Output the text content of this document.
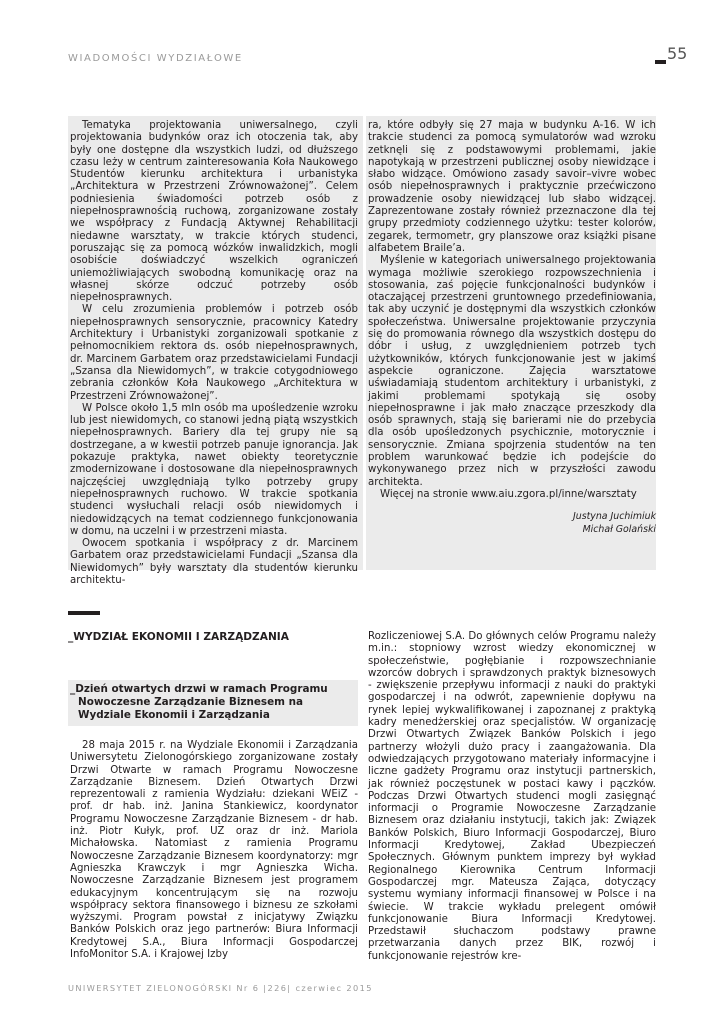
WIADOMOŚCI WYDZIAŁOWE	55

Tematyka projektowania uniwersalnego, czyli projektowania budynków oraz ich otoczenia tak, aby były one dostępne dla wszystkich ludzi, od dłuższego czasu leży w centrum zainteresowania Koła Naukowego Studentów kierunku architektura i urbanistyka „Architektura w Przestrzeni Zrównoważonej”. Celem podniesienia świadomości potrzeb osób z niepełnosprawnością ruchową, zorganizowane zostały we współpracy z Fundacją Aktywnej Rehabilitacji niedawne warsztaty, w trakcie których studenci, poruszając się za pomocą wózków inwalidzkich, mogli osobiście doświadczyć wszelkich ograniczeń uniemożliwiających swobodną komunikację oraz na własnej skórze odczuć potrzeby osób niepełnosprawnych.

W celu zrozumienia problemów i potrzeb osób niepełnosprawnych sensorycznie, pracownicy Katedry Architektury i Urbanistyki zorganizowali spotkanie z pełnomocnikiem rektora ds. osób niepełnosprawnych, dr. Marcinem Garbatem oraz przedstawicielami Fundacji „Szansa dla Niewidomych”, w trakcie cotygodniowego zebrania członków Koła Naukowego „Architektura w Przestrzeni Zrównoważonej”.

W Polsce około 1,5 mln osób ma upośledzenie wzroku lub jest niewidomych, co stanowi jedną piątą wszystkich niepełnosprawnych. Bariery dla tej grupy nie są dostrzegane, a w kwestii potrzeb panuje ignorancja. Jak pokazuje praktyka, nawet obiekty teoretycznie zmodernizowane i dostosowane dla niepełnosprawnych najczęściej uwzględniają tylko potrzeby grupy niepełnosprawnych ruchowo. W trakcie spotkania studenci wysłuchali relacji osób niewidomych i niedowidzących na temat codziennego funkcjonowania w domu, na uczelni i w przestrzeni miasta.

Owocem spotkania i współpracy z dr. Marcinem Garbatem oraz przedstawicielami Fundacji „Szansa dla Niewidomych” były warsztaty dla studentów kierunku architektu-

ra, które odbyły się 27 maja w budynku A-16. W ich trakcie studenci za pomocą symulatorów wad wzroku zetknęli się z podstawowymi problemami, jakie napotykają w przestrzeni publicznej osoby niewidzące i słabo widzące. Omówiono zasady savoir–vivre wobec osób niepełnosprawnych i praktycznie przećwiczono prowadzenie osoby niewidzącej lub słabo widzącej. Zaprezentowane zostały również przeznaczone dla tej grupy przedmioty codziennego użytku: tester kolorów, zegarek, termometr, gry planszowe oraz książki pisane alfabetem Braile’a.

Myślenie w kategoriach uniwersalnego projektowania wymaga możliwie szerokiego rozpowszechnienia i stosowania, zaś pojęcie funkcjonalności budynków i otaczającej przestrzeni gruntownego przedefiniowania, tak aby uczynić je dostępnymi dla wszystkich członków społeczeństwa. Uniwersalne projektowanie przyczynia się do promowania równego dla wszystkich dostępu do dóbr i usług, z uwzględnieniem potrzeb tych użytkowników, których funkcjonowanie jest w jakimś aspekcie ograniczone. Zajęcia warsztatowe uświadamiają studentom architektury i urbanistyki, z jakimi problemami spotykają się osoby niepełnosprawne i jak mało znaczące przeszkody dla osób sprawnych, stają się barierami nie do przebycia dla osób upośledzonych psychicznie, motorycznie i sensorycznie. Zmiana spojrzenia studentów na ten problem warunkować będzie ich podejście do wykonywanego przez nich w przyszłości zawodu architekta.

Więcej na stronie www.aiu.zgora.pl/inne/warsztaty

Justyna Juchimiuk
Michał Golański
_WYDZIAŁ EKONOMII I ZARZĄDZANIA
_Dzień otwartych drzwi w ramach Programu
Nowoczesne Zarządzanie Biznesem na Wydziale Ekonomii i Zarządzania

28 maja 2015 r. na Wydziale Ekonomii i Zarządzania Uniwersytetu Zielonogórskiego zorganizowane zostały Drzwi Otwarte w ramach Programu Nowoczesne Zarządzanie Biznesem. Dzień Otwartych Drzwi reprezentowali z ramienia Wydziału: dziekani WEiZ - prof. dr hab. inż. Janina Stankiewicz, koordynator Programu Nowoczesne Zarządzanie Biznesem - dr hab. inż. Piotr Kułyk, prof. UZ oraz dr inż. Mariola Michałowska. Natomiast z ramienia Programu Nowoczesne Zarządzanie Biznesem koordynatorzy: mgr Agnieszka Krawczyk i mgr Agnieszka Wicha. Nowoczesne Zarządzanie Biznesem jest programem edukacyjnym koncentrującym się na rozwoju współpracy sektora finansowego i biznesu ze szkołami wyższymi. Program powstał z inicjatywy Związku Banków Polskich oraz jego partnerów: Biura Informacji Kredytowej S.A., Biura Informacji Gospodarczej InfoMonitor S.A. i Krajowej Izby

Rozliczeniowej S.A. Do głównych celów Programu należy m.in.: stopniowy wzrost wiedzy ekonomicznej w społeczeństwie, pogłębianie i rozpowszechnianie wzorców dobrych i sprawdzonych praktyk biznesowych - zwiększenie przepływu informacji z nauki do praktyki gospodarczej i na odwrót, zapewnienie dopływu na rynek lepiej wykwalifikowanej i zapoznanej z praktyką kadry menedżerskiej oraz specjalistów. W organizację Drzwi Otwartych Związek Banków Polskich i jego partnerzy włożyli dużo pracy i zaangażowania. Dla odwiedzających przygotowano materiały informacyjne i liczne gadżety Programu oraz instytucji partnerskich, jak również poczęstunek w postaci kawy i pączków. Podczas Drzwi Otwartych studenci mogli zasięgnąć informacji o Programie Nowoczesne Zarządzanie Biznesem oraz działaniu instytucji, takich jak: Związek Banków Polskich, Biuro Informacji Gospodarczej, Biuro Informacji Kredytowej, Zakład Ubezpieczeń Społecznych. Głównym punktem imprezy był wykład Regionalnego Kierownika Centrum Informacji Gospodarczej mgr. Mateusza Zająca, dotyczący systemu wymiany informacji finansowej w Polsce i na świecie. W trakcie wykładu prelegent omówił funkcjonowanie Biura Informacji Kredytowej. Przedstawił słuchaczom podstawy prawne przetwarzania danych przez BIK, rozwój i funkcjonowanie rejestrów kre-

UNIWERSYTET ZIELONOGÓRSKI Nr 6 |226| czerwiec 2015
